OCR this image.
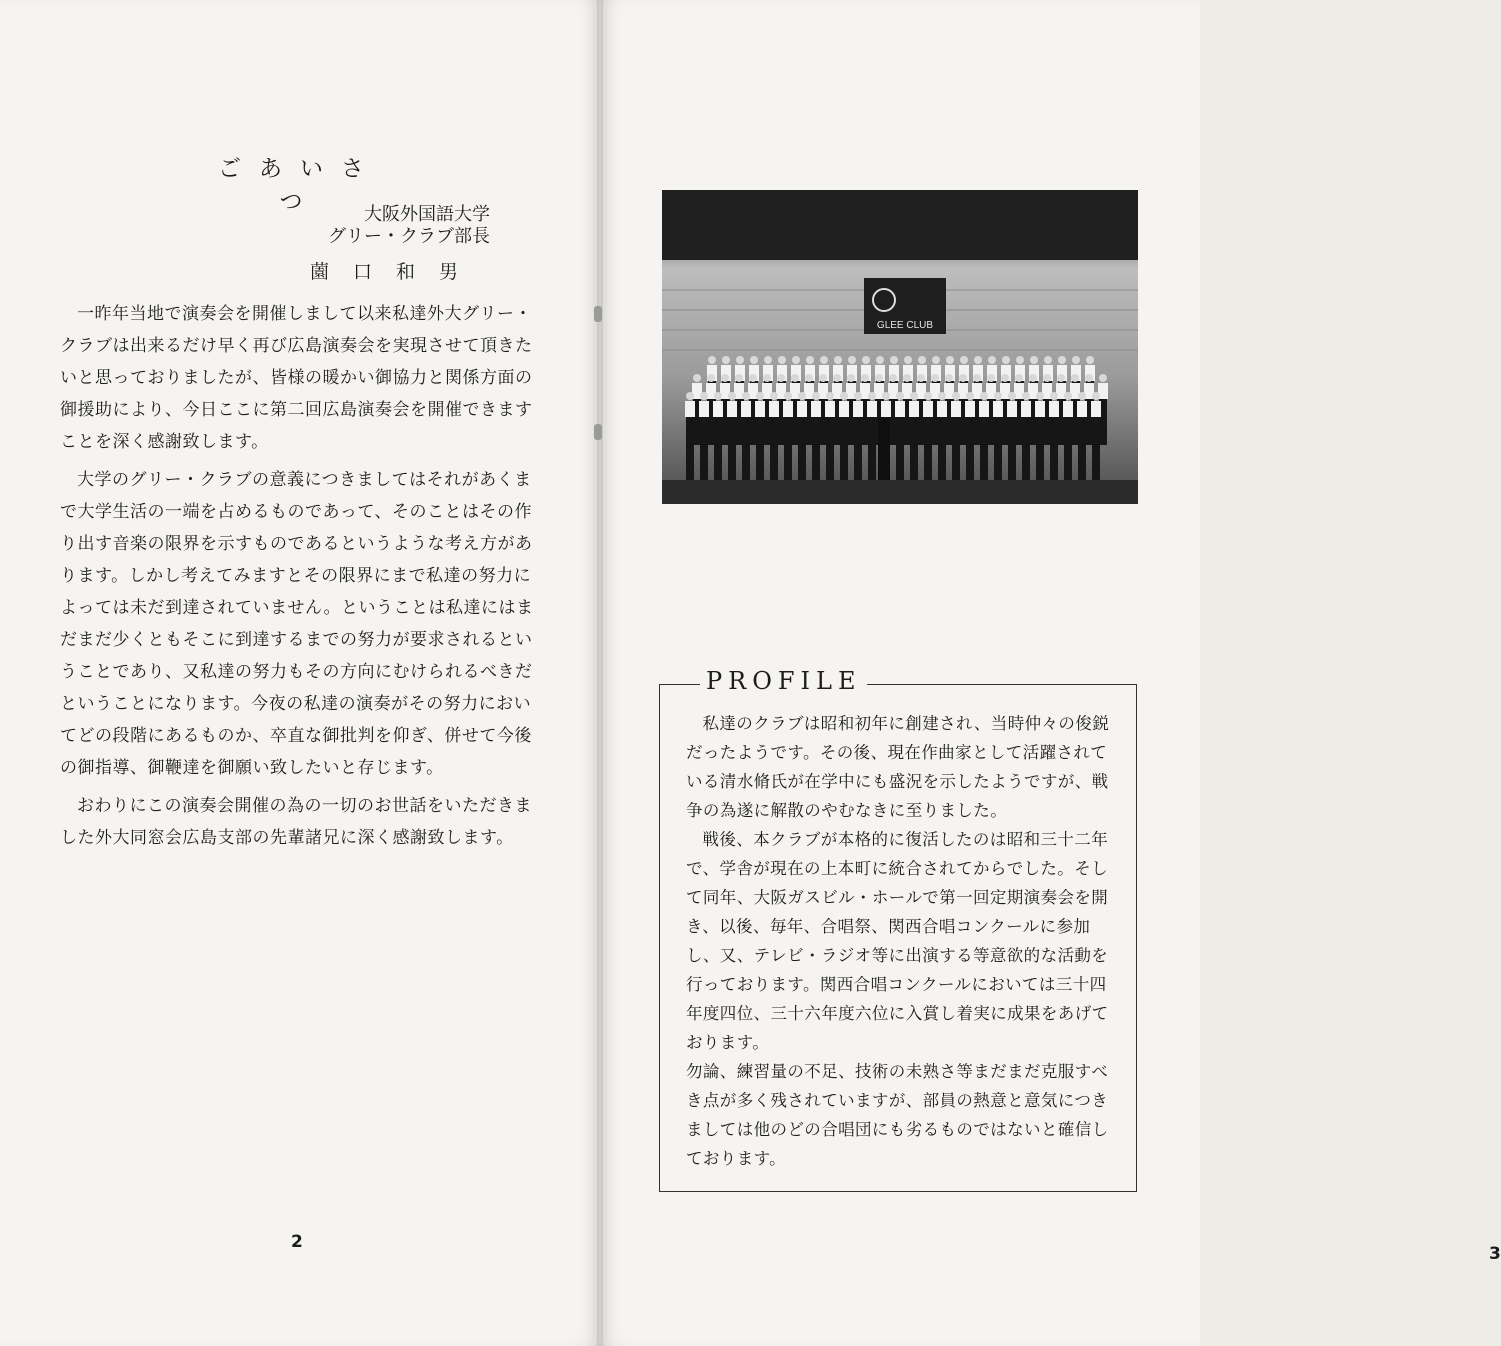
ごあいさつ	大阪外国語大学
グリー・クラブ部長
薗口和男

一昨年当地で演奏会を開催しまして以来私達外大グリー・クラブは出来るだけ早く再び広島演奏会を実現させて頂きたいと思っておりましたが、皆様の暖かい御協力と関係方面の御援助により、今日ここに第二回広島演奏会を開催できますことを深く感謝致します。

大学のグリー・クラブの意義につきましてはそれがあくまで大学生活の一端を占めるものであって、そのことはその作り出す音楽の限界を示すものであるというような考え方があります。しかし考えてみますとその限界にまで私達の努力によっては未だ到達されていません。ということは私達にはまだまだ少くともそこに到達するまでの努力が要求されるということであり、又私達の努力もその方向にむけられるべきだということになります。今夜の私達の演奏がその努力においてどの段階にあるものか、卒直な御批判を仰ぎ、併せて今後の御指導、御鞭達を御願い致したいと存じます。

おわりにこの演奏会開催の為の一切のお世話をいただきました外大同窓会広島支部の先輩諸兄に深く感謝致します。

2
3
GLEE CLUB
PROFILE

私達のクラブは昭和初年に創建され、当時仲々の俊鋭だったようです。その後、現在作曲家として活躍されている清水脩氏が在学中にも盛況を示したようですが、戦争の為遂に解散のやむなきに至りました。

戦後、本クラブが本格的に復活したのは昭和三十二年で、学舎が現在の上本町に統合されてからでした。そして同年、大阪ガスビル・ホールで第一回定期演奏会を開き、以後、毎年、合唱祭、関西合唱コンクールに参加し、又、テレビ・ラジオ等に出演する等意欲的な活動を行っております。関西合唱コンクールにおいては三十四年度四位、三十六年度六位に入賞し着実に成果をあげております。

勿論、練習量の不足、技術の未熟さ等まだまだ克服すべき点が多く残されていますが、部員の熱意と意気につきましては他のどの合唱団にも劣るものではないと確信しております。
